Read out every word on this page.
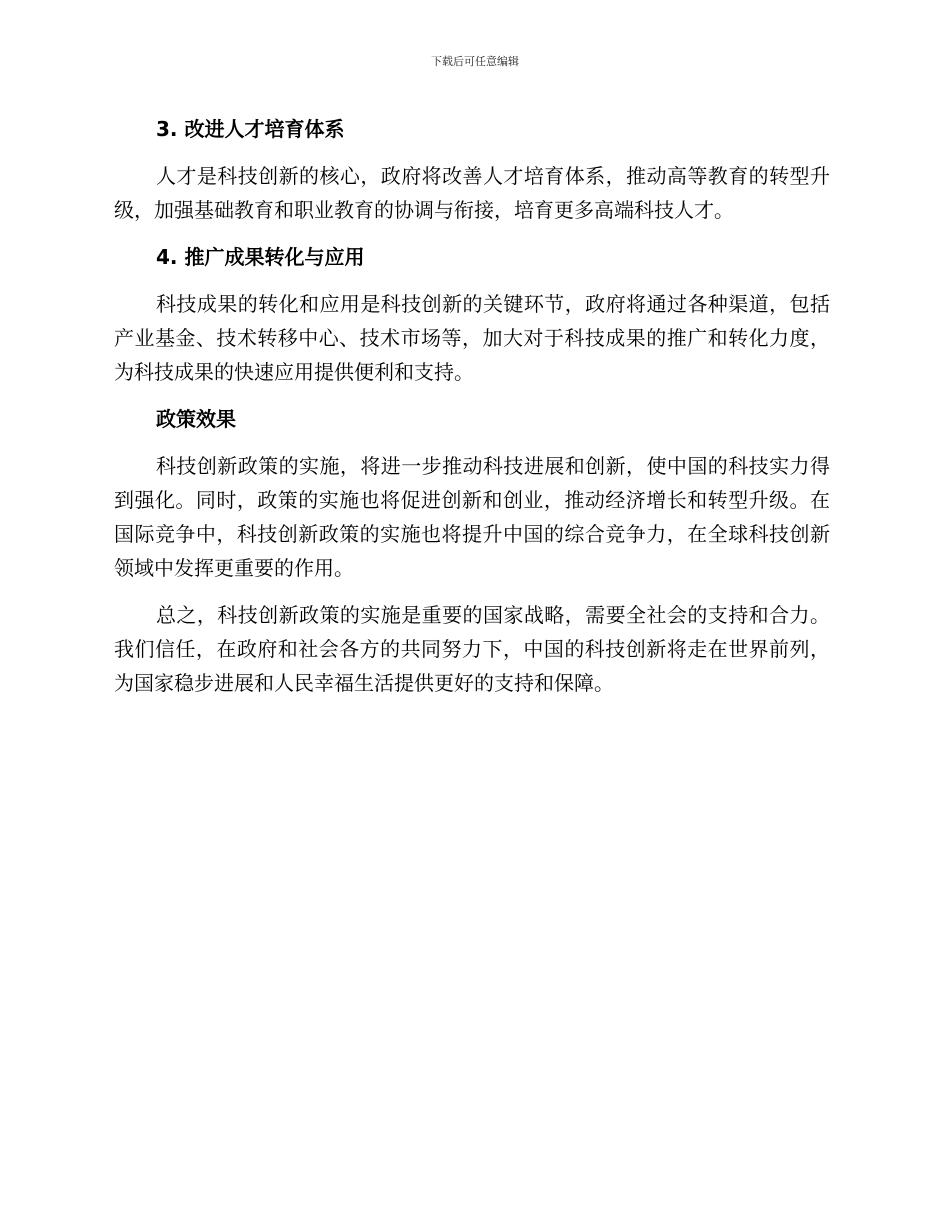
下载后可任意编辑
3. 改进人才培育体系

人才是科技创新的核心，政府将改善人才培育体系，推动高等教育的转型升级，加强基础教育和职业教育的协调与衔接，培育更多高端科技人才。

4. 推广成果转化与应用

科技成果的转化和应用是科技创新的关键环节，政府将通过各种渠道，包括产业基金、技术转移中心、技术市场等，加大对于科技成果的推广和转化力度，为科技成果的快速应用提供便利和支持。

政策效果

科技创新政策的实施，将进一步推动科技进展和创新，使中国的科技实力得到强化。同时，政策的实施也将促进创新和创业，推动经济增长和转型升级。在国际竞争中，科技创新政策的实施也将提升中国的综合竞争力，在全球科技创新领域中发挥更重要的作用。

总之，科技创新政策的实施是重要的国家战略，需要全社会的支持和合力。我们信任，在政府和社会各方的共同努力下，中国的科技创新将走在世界前列，为国家稳步进展和人民幸福生活提供更好的支持和保障。
